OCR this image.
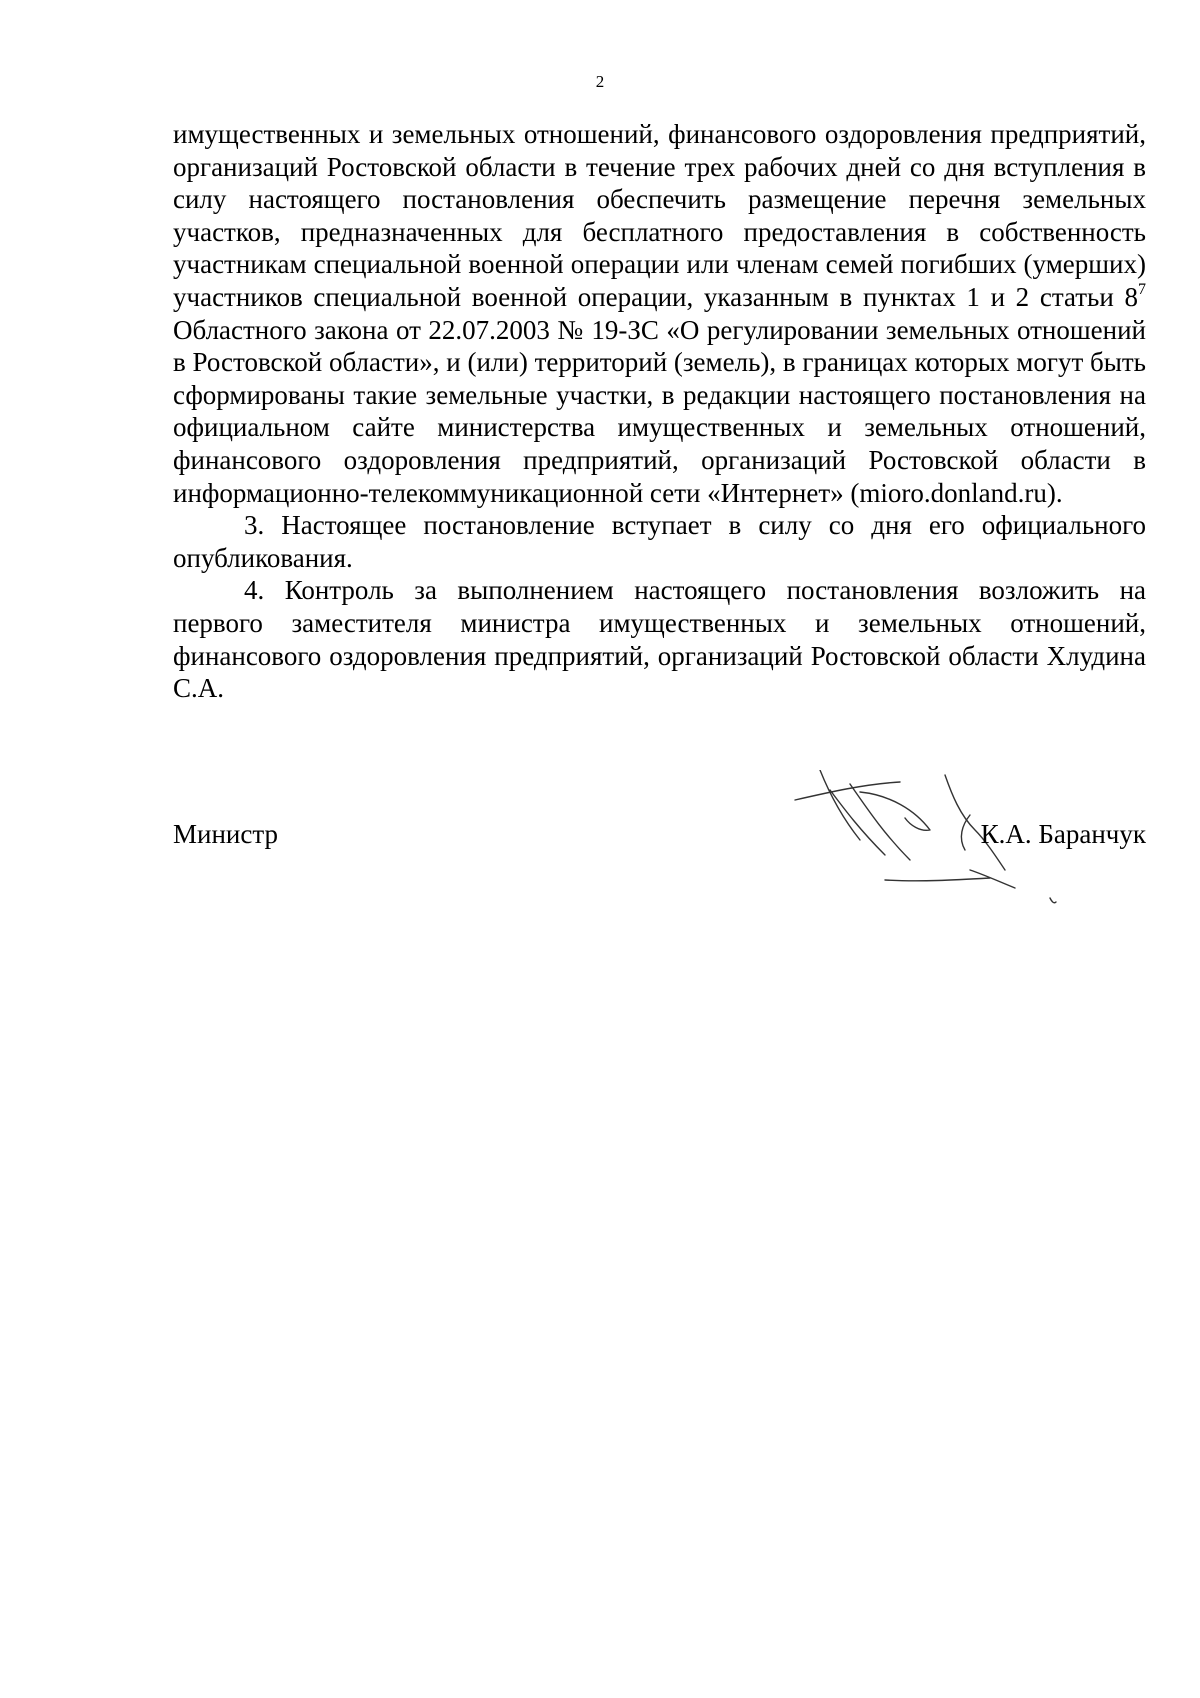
2

имущественных и земельных отношений, финансового оздоровления предприятий, организаций Ростовской области в течение трех рабочих дней со дня вступления в силу настоящего постановления обеспечить размещение перечня земельных участков, предназначенных для бесплатного предоставления в собственность участникам специальной военной операции или членам семей погибших (умерших) участников специальной военной операции, указанным в пунктах 1 и 2 статьи $8^7$ Областного закона от 22.07.2003 № 19-ЗС «О регулировании земельных отношений в Ростовской области», и (или) территорий (земель), в границах которых могут быть сформированы такие земельные участки, в редакции настоящего постановления на официальном сайте министерства имущественных и земельных отношений, финансового оздоровления предприятий, организаций Ростовской области в информационно-телекоммуникационной сети «Интернет» (mioro.donland.ru).

3. Настоящее постановление вступает в силу со дня его официального опубликования.

4. Контроль за выполнением настоящего постановления возложить на первого заместителя министра имущественных и земельных отношений, финансового оздоровления предприятий, организаций Ростовской области Хлудина С.А.

Министр	К.А. Баранчук
